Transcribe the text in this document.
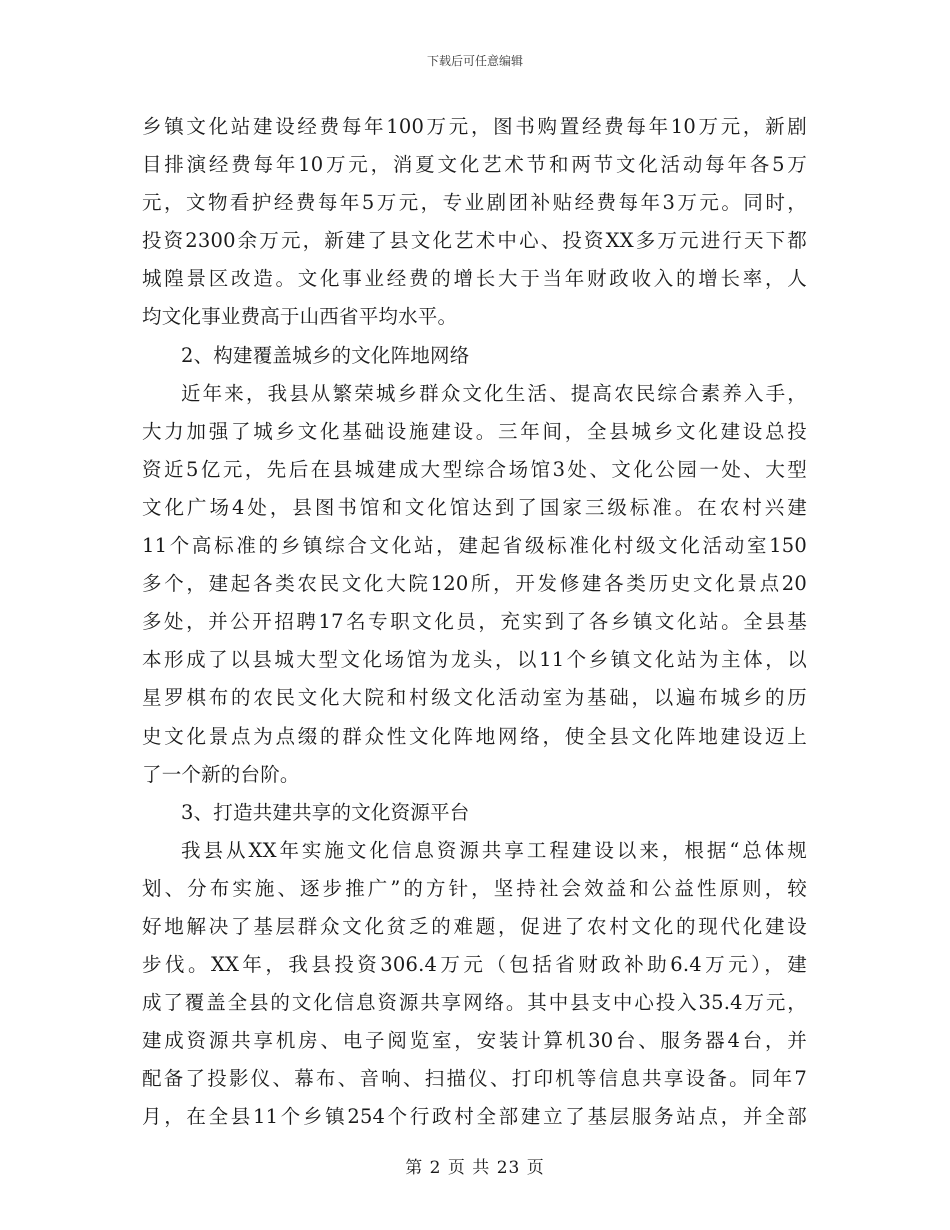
下载后可任意编辑
乡镇文化站建设经费每年100万元，图书购置经费每年10万元，新剧
目排演经费每年10万元，消夏文化艺术节和两节文化活动每年各5万
元，文物看护经费每年5万元，专业剧团补贴经费每年3万元。同时，
投资2300余万元，新建了县文化艺术中心、投资XX多万元进行天下都
城隍景区改造。文化事业经费的增长大于当年财政收入的增长率，人
均文化事业费高于山西省平均水平。
2、构建覆盖城乡的文化阵地网络
近年来，我县从繁荣城乡群众文化生活、提高农民综合素养入手，
大力加强了城乡文化基础设施建设。三年间，全县城乡文化建设总投
资近5亿元，先后在县城建成大型综合场馆3处、文化公园一处、大型
文化广场4处，县图书馆和文化馆达到了国家三级标准。在农村兴建
11个高标准的乡镇综合文化站，建起省级标准化村级文化活动室150
多个，建起各类农民文化大院120所，开发修建各类历史文化景点20
多处，并公开招聘17名专职文化员，充实到了各乡镇文化站。全县基
本形成了以县城大型文化场馆为龙头，以11个乡镇文化站为主体，以
星罗棋布的农民文化大院和村级文化活动室为基础，以遍布城乡的历
史文化景点为点缀的群众性文化阵地网络，使全县文化阵地建设迈上
了一个新的台阶。
3、打造共建共享的文化资源平台
我县从XX年实施文化信息资源共享工程建设以来，根据“总体规
划、分布实施、逐步推广”的方针，坚持社会效益和公益性原则，较
好地解决了基层群众文化贫乏的难题，促进了农村文化的现代化建设
步伐。XX年，我县投资306.4万元（包括省财政补助6.4万元），建
成了覆盖全县的文化信息资源共享网络。其中县支中心投入35.4万元，
建成资源共享机房、电子阅览室，安装计算机30台、服务器4台，并
配备了投影仪、幕布、音响、扫描仪、打印机等信息共享设备。同年7
月，在全县11个乡镇254个行政村全部建立了基层服务站点，并全部
第 2 页 共 23 页
